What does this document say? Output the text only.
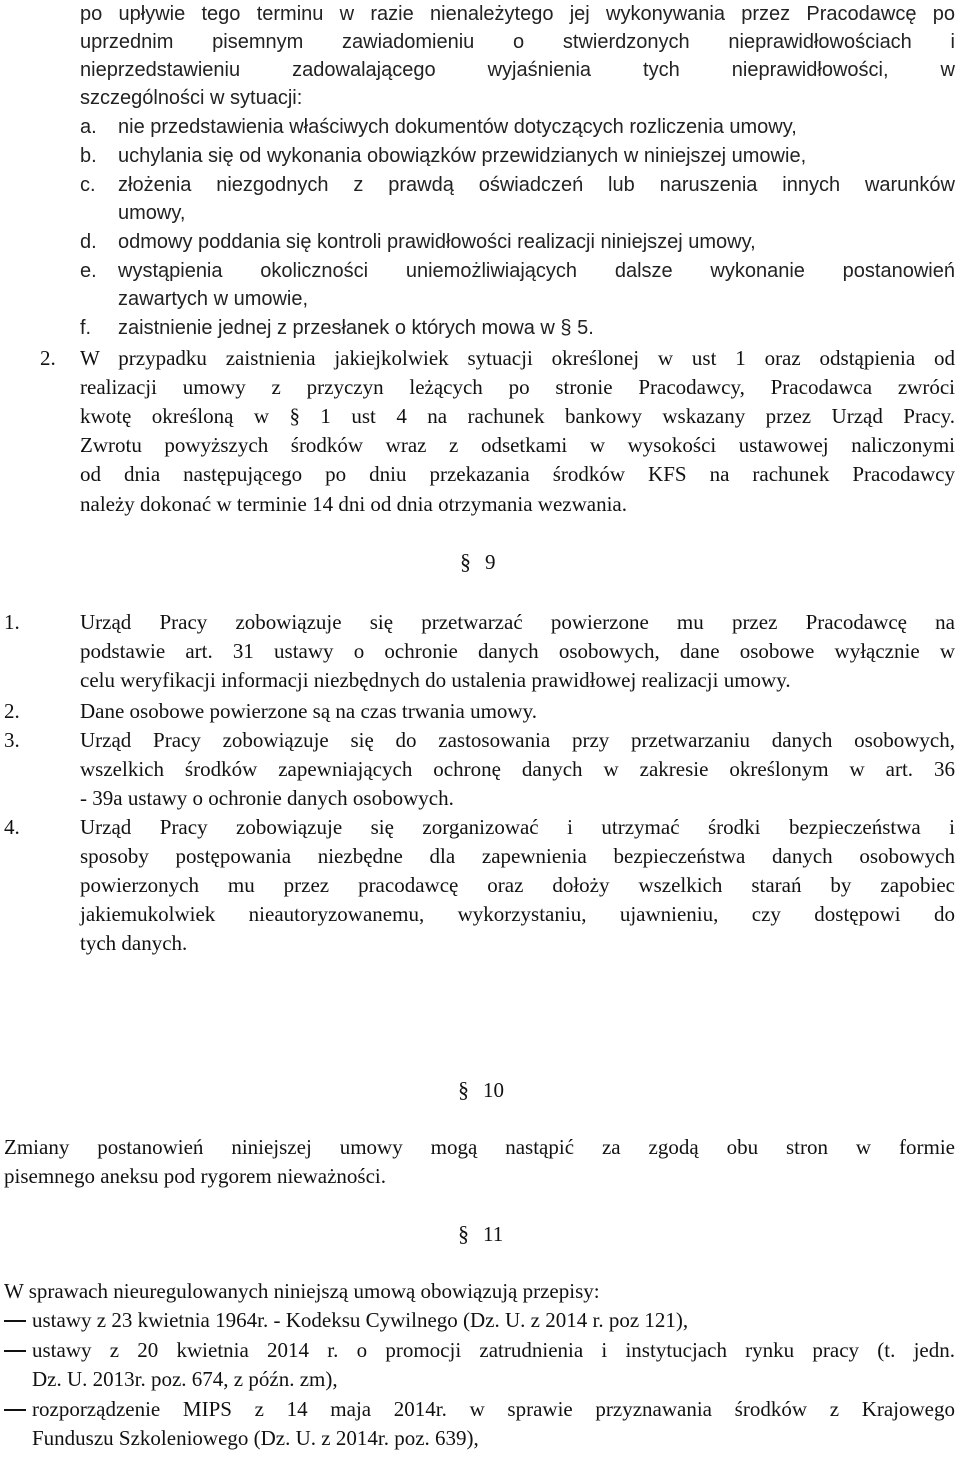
po upływie tego terminu w razie nienależytego jej wykonywania przez Pracodawcę po
uprzednim pisemnym zawiadomieniu o stwierdzonych nieprawidłowościach i
nieprzedstawieniu zadowalającego wyjaśnienia tych nieprawidłowości, w
szczególności w sytuacji:
a. nie przedstawienia właściwych dokumentów dotyczących rozliczenia umowy,
b. uchylania się od wykonania obowiązków przewidzianych w niniejszej umowie,
c. złożenia niezgodnych z prawdą oświadczeń lub naruszenia innych warunków
umowy,
d. odmowy poddania się kontroli prawidłowości realizacji niniejszej umowy,
e. wystąpienia okoliczności uniemożliwiających dalsze wykonanie postanowień
zawartych w umowie,
f. zaistnienie jednej z przesłanek o których mowa w § 5.
2. W przypadku zaistnienia jakiejkolwiek sytuacji określonej w ust 1 oraz odstąpienia od
realizacji umowy z przyczyn leżących po stronie Pracodawcy, Pracodawca zwróci
kwotę określoną w § 1 ust 4 na rachunek bankowy wskazany przez Urząd Pracy.
Zwrotu powyższych środków wraz z odsetkami w wysokości ustawowej naliczonymi
od dnia następującego po dniu przekazania środków KFS na rachunek Pracodawcy
należy dokonać w terminie 14 dni od dnia otrzymania wezwania.
§ 9
1.	Urząd Pracy zobowiązuje się przetwarzać powierzone mu przez Pracodawcę na
podstawie art. 31 ustawy o ochronie danych osobowych, dane osobowe wyłącznie w
celu weryfikacji informacji niezbędnych do ustalenia prawidłowej realizacji umowy.
2.	Dane osobowe powierzone są na czas trwania umowy.
3.	Urząd Pracy zobowiązuje się do zastosowania przy przetwarzaniu danych osobowych,
wszelkich środków zapewniających ochronę danych w zakresie określonym w art. 36
- 39a ustawy o ochronie danych osobowych.
4.	Urząd Pracy zobowiązuje się zorganizować i utrzymać środki bezpieczeństwa i
sposoby postępowania niezbędne dla zapewnienia bezpieczeństwa danych osobowych
powierzonych mu przez pracodawcę oraz dołoży wszelkich starań by zapobiec
jakiemukolwiek nieautoryzowanemu, wykorzystaniu, ujawnieniu, czy dostępowi do
tych danych.
§ 10
Zmiany postanowień niniejszej umowy mogą nastąpić za zgodą obu stron w formie
pisemnego aneksu pod rygorem nieważności.
§ 11
W sprawach nieuregulowanych niniejszą umową obowiązują przepisy:
ustawy z 23 kwietnia 1964r. - Kodeksu Cywilnego (Dz. U. z 2014 r. poz 121),
ustawy z 20 kwietnia 2014 r. o promocji zatrudnienia i instytucjach rynku pracy (t. jedn.
Dz. U. 2013r. poz. 674, z późn. zm),
rozporządzenie MIPS z 14 maja 2014r. w sprawie przyznawania środków z Krajowego
Funduszu Szkoleniowego (Dz. U. z 2014r. poz. 639),
